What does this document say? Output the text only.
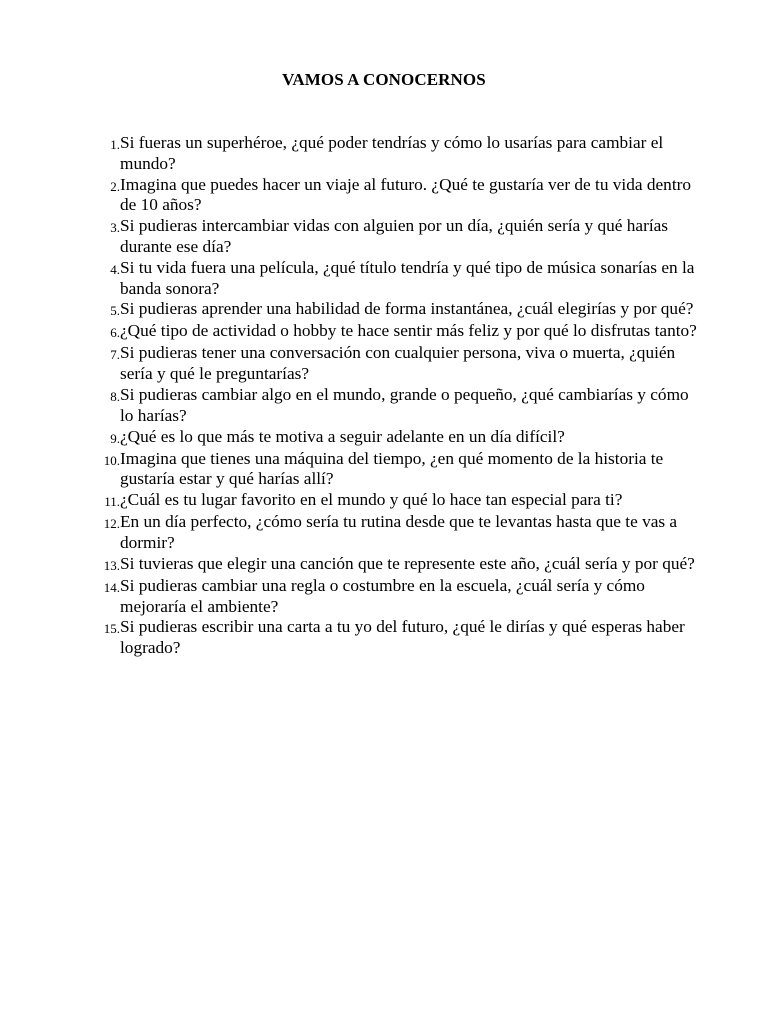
VAMOS A CONOCERNOS
1. Si fueras un superhéroe, ¿qué poder tendrías y cómo lo usarías para cambiar el mundo?
2. Imagina que puedes hacer un viaje al futuro. ¿Qué te gustaría ver de tu vida dentro de 10 años?
3. Si pudieras intercambiar vidas con alguien por un día, ¿quién sería y qué harías durante ese día?
4. Si tu vida fuera una película, ¿qué título tendría y qué tipo de música sonarías en la banda sonora?
5. Si pudieras aprender una habilidad de forma instantánea, ¿cuál elegirías y por qué?
6. ¿Qué tipo de actividad o hobby te hace sentir más feliz y por qué lo disfrutas tanto?
7. Si pudieras tener una conversación con cualquier persona, viva o muerta, ¿quién sería y qué le preguntarías?
8. Si pudieras cambiar algo en el mundo, grande o pequeño, ¿qué cambiarías y cómo lo harías?
9. ¿Qué es lo que más te motiva a seguir adelante en un día difícil?
10. Imagina que tienes una máquina del tiempo, ¿en qué momento de la historia te gustaría estar y qué harías allí?
11. ¿Cuál es tu lugar favorito en el mundo y qué lo hace tan especial para ti?
12. En un día perfecto, ¿cómo sería tu rutina desde que te levantas hasta que te vas a dormir?
13. Si tuvieras que elegir una canción que te represente este año, ¿cuál sería y por qué?
14. Si pudieras cambiar una regla o costumbre en la escuela, ¿cuál sería y cómo mejoraría el ambiente?
15. Si pudieras escribir una carta a tu yo del futuro, ¿qué le dirías y qué esperas haber logrado?
